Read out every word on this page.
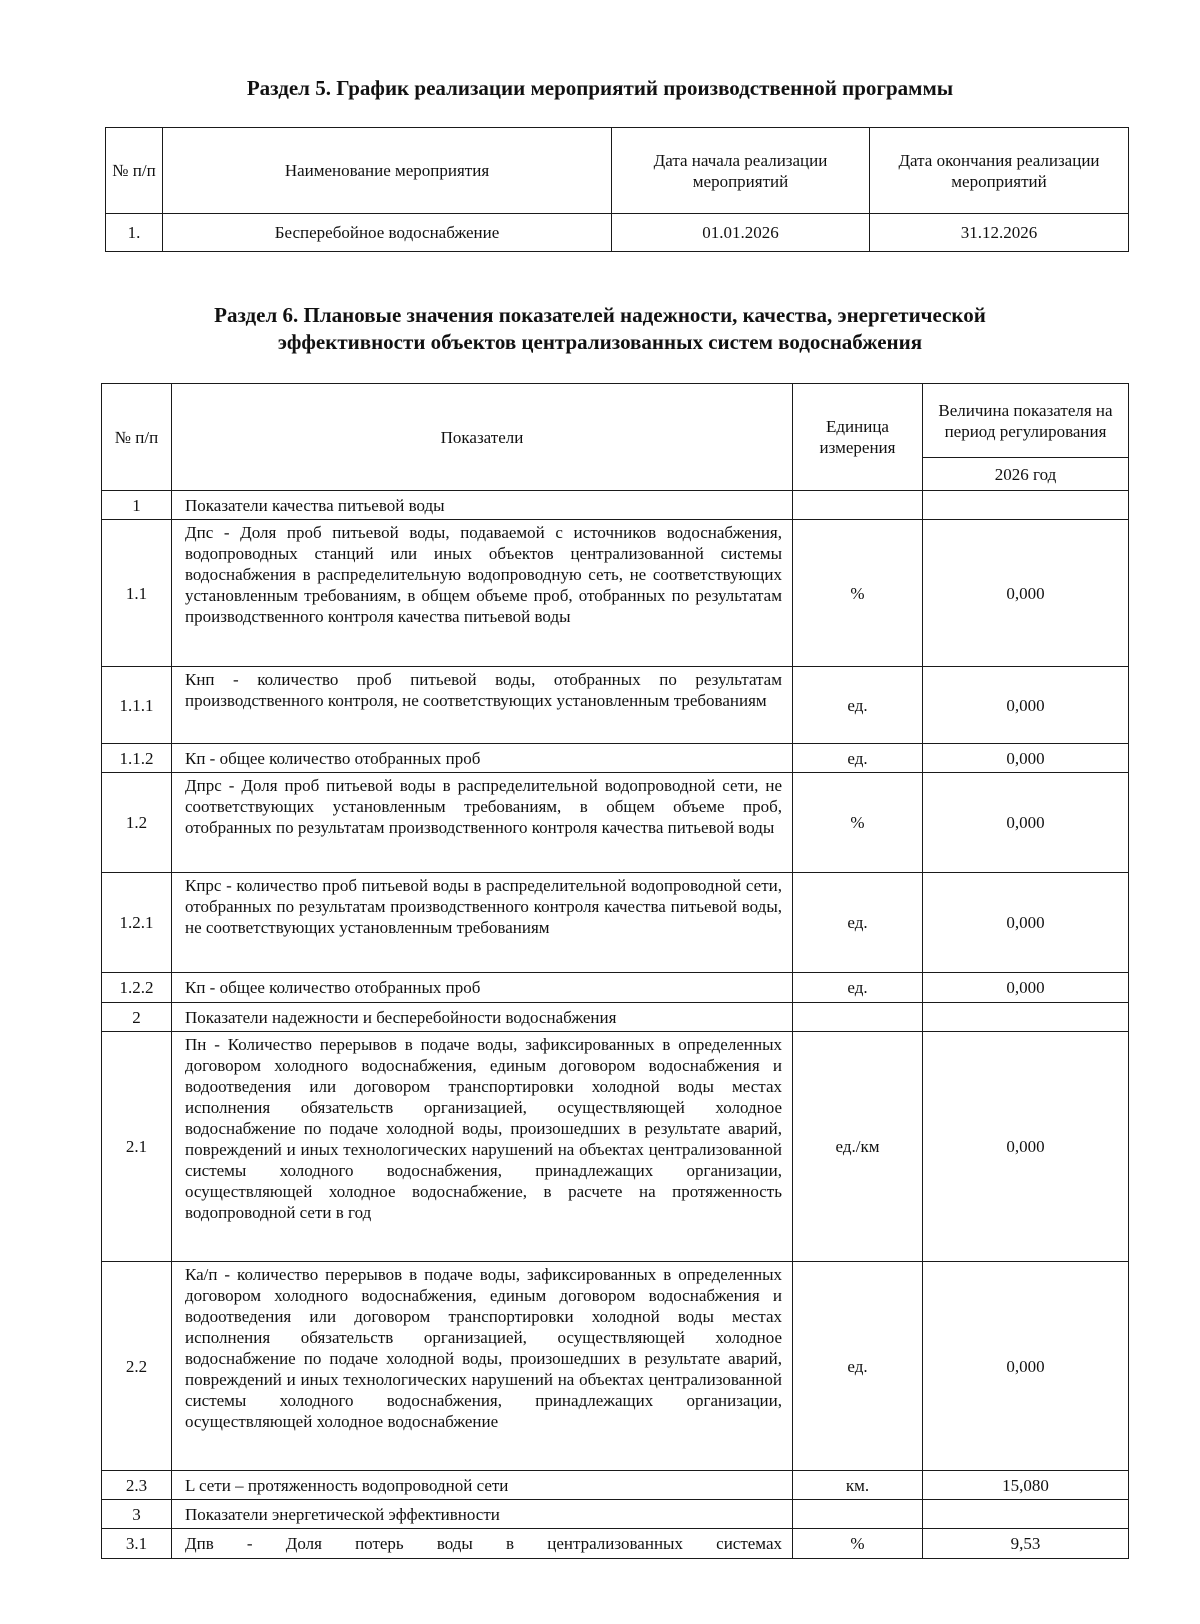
Раздел 5. График реализации мероприятий производственной программы
№ п/п	Наименование мероприятия	Дата начала реализации мероприятий	Дата окончания реализации мероприятий
1.	Бесперебойное водоснабжение	01.01.2026	31.12.2026
Раздел 6. Плановые значения показателей надежности, качества, энергетической
эффективности объектов централизованных систем водоснабжения
№ п/п	Показатели	Единица измерения	Величина показателя на период регулирования
			2026 год
1	Показатели качества питьевой воды		
1.1	Дпс - Доля проб питьевой воды, подаваемой с источников водоснабжения, водопроводных станций или иных объектов централизованной системы водоснабжения в распределительную водопроводную сеть, не соответствующих установленным требованиям, в общем объеме проб, отобранных по результатам производственного контроля качества питьевой воды	%	0,000
1.1.1	Кнп - количество проб питьевой воды, отобранных по результатам производственного контроля, не соответствующих установленным требованиям	ед.	0,000
1.1.2	Кп - общее количество отобранных проб	ед.	0,000
1.2	Дпрс - Доля проб питьевой воды в распределительной водопроводной сети, не соответствующих установленным требованиям, в общем объеме проб, отобранных по результатам производственного контроля качества питьевой воды	%	0,000
1.2.1	Кпрс - количество проб питьевой воды в распределительной водопроводной сети, отобранных по результатам производственного контроля качества питьевой воды, не соответствующих установленным требованиям	ед.	0,000
1.2.2	Кп - общее количество отобранных проб	ед.	0,000
2	Показатели надежности и бесперебойности водоснабжения		
2.1	Пн - Количество перерывов в подаче воды, зафиксированных в определенных договором холодного водоснабжения, единым договором водоснабжения и водоотведения или договором транспортировки холодной воды местах исполнения обязательств организацией, осуществляющей холодное водоснабжение по подаче холодной воды, произошедших в результате аварий, повреждений и иных технологических нарушений на объектах централизованной системы холодного водоснабжения, принадлежащих организации, осуществляющей холодное водоснабжение, в расчете на протяженность водопроводной сети в год	ед./км	0,000
2.2	Ка/п - количество перерывов в подаче воды, зафиксированных в определенных договором холодного водоснабжения, единым договором водоснабжения и водоотведения или договором транспортировки холодной воды местах исполнения обязательств организацией, осуществляющей холодное водоснабжение по подаче холодной воды, произошедших в результате аварий, повреждений и иных технологических нарушений на объектах централизованной системы холодного водоснабжения, принадлежащих организации, осуществляющей холодное водоснабжение	ед.	0,000
2.3	L сети – протяженность водопроводной сети	км.	15,080
3	Показатели энергетической эффективности		
3.1	Дпв - Доля потерь воды в централизованных системах	%	9,53
